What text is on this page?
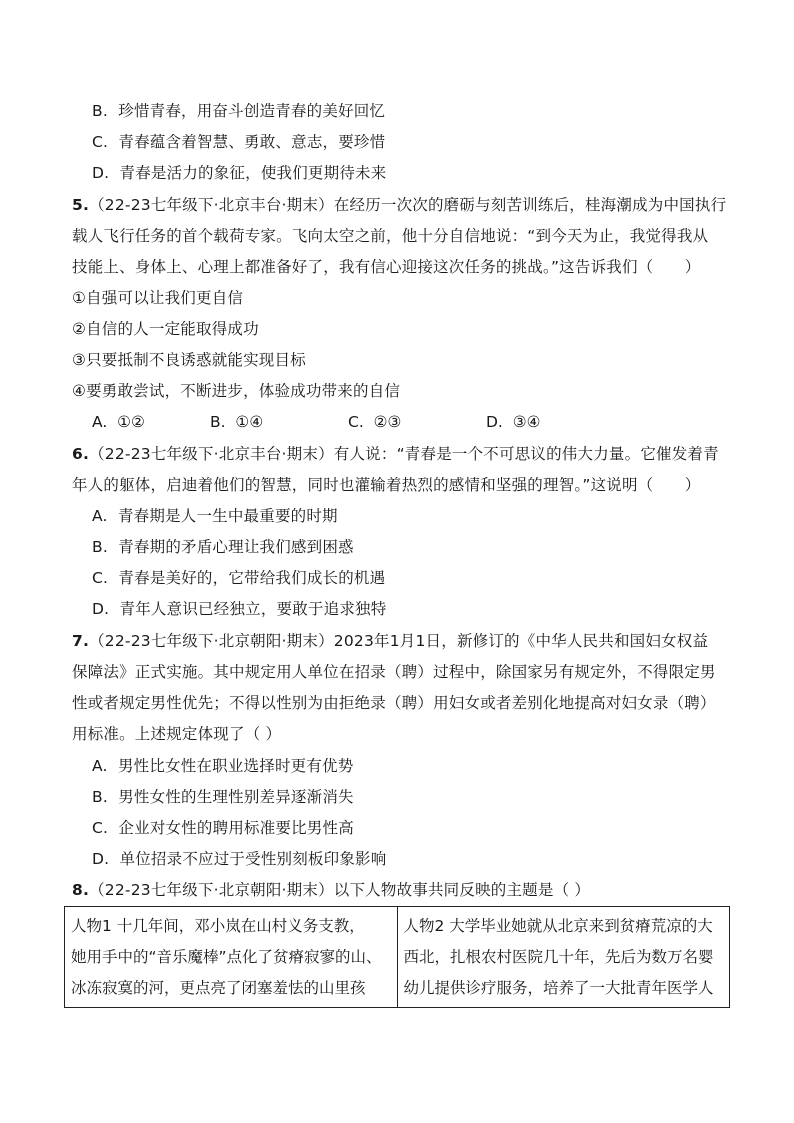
B. 珍惜青春，用奋斗创造青春的美好回忆
C. 青春蕴含着智慧、勇敢、意志，要珍惜
D. 青春是活力的象征，使我们更期待未来
5.（22-23七年级下·北京丰台·期末）在经历一次次的磨砺与刻苦训练后，桂海潮成为中国执行
载人飞行任务的首个载荷专家。飞向太空之前，他十分自信地说：“到今天为止，我觉得我从
技能上、身体上、心理上都准备好了，我有信心迎接这次任务的挑战。”这告诉我们（　　）
①自强可以让我们更自信
②自信的人一定能取得成功
③只要抵制不良诱惑就能实现目标
④要勇敢尝试，不断进步，体验成功带来的自信
A. ①②	B. ①④	C. ②③	D. ③④
6.（22-23七年级下·北京丰台·期末）有人说：“青春是一个不可思议的伟大力量。它催发着青
年人的躯体，启迪着他们的智慧，同时也灌输着热烈的感情和坚强的理智。”这说明（　　）
A. 青春期是人一生中最重要的时期
B. 青春期的矛盾心理让我们感到困惑
C. 青春是美好的，它带给我们成长的机遇
D. 青年人意识已经独立，要敢于追求独特
7.（22-23七年级下·北京朝阳·期末）2023年1月1日，新修订的《中华人民共和国妇女权益
保障法》正式实施。其中规定用人单位在招录（聘）过程中，除国家另有规定外，不得限定男
性或者规定男性优先；不得以性别为由拒绝录（聘）用妇女或者差别化地提高对妇女录（聘）
用标准。上述规定体现了（ ）
A. 男性比女性在职业选择时更有优势
B. 男性女性的生理性别差异逐渐消失
C. 企业对女性的聘用标准要比男性高
D. 单位招录不应过于受性别刻板印象影响
8.（22-23七年级下·北京朝阳·期末）以下人物故事共同反映的主题是（ ）
人物1 十几年间，邓小岚在山村义务支教，
她用手中的“音乐魔棒”点化了贫瘠寂寥的山、
冰冻寂寞的河，更点亮了闭塞羞怯的山里孩

人物2 大学毕业她就从北京来到贫瘠荒凉的大
西北，扎根农村医院几十年，先后为数万名婴
幼儿提供诊疗服务，培养了一大批青年医学人
